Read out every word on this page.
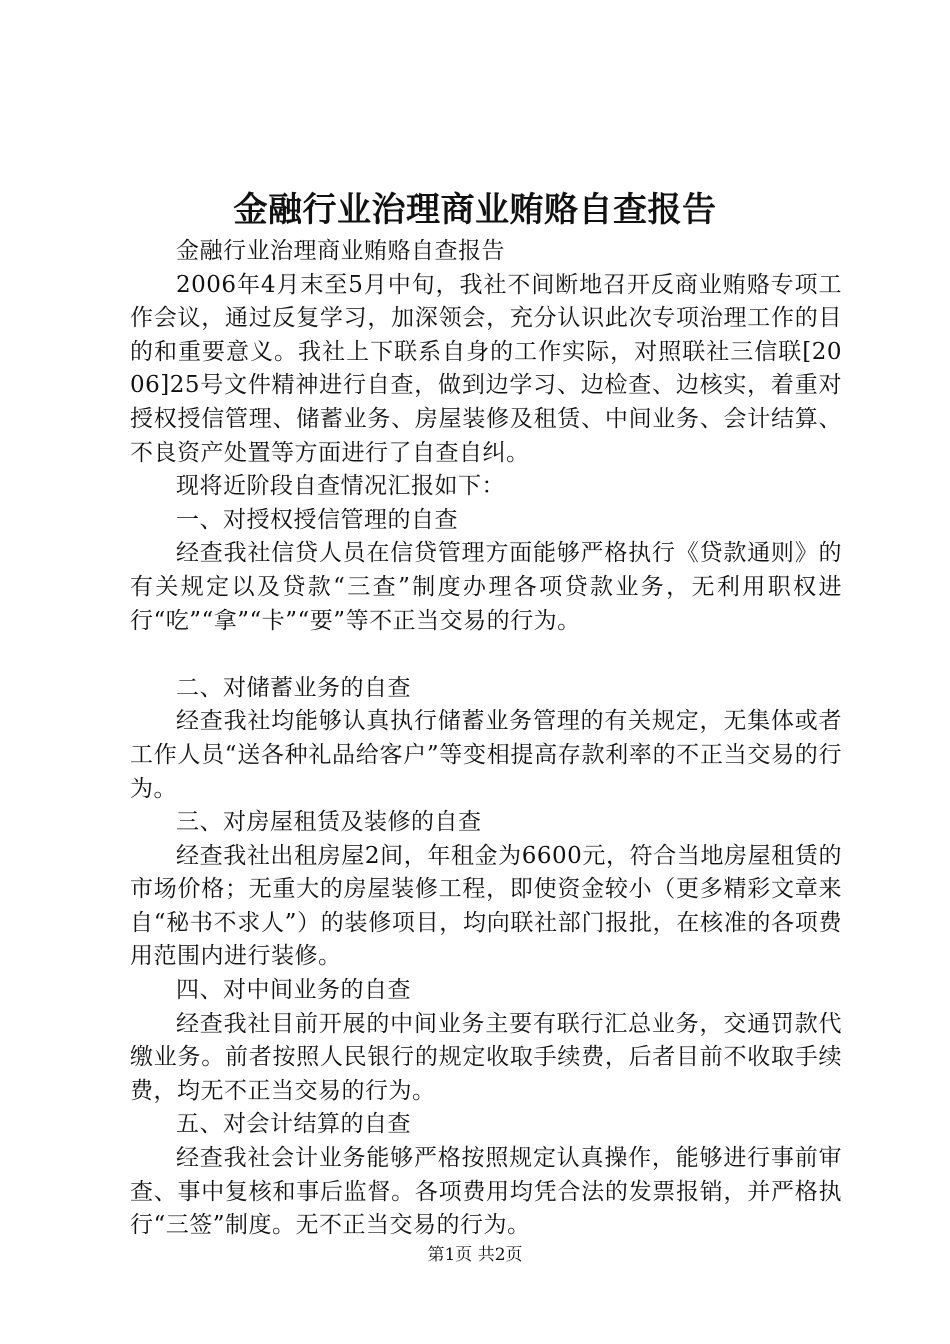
金融行业治理商业贿赂自查报告

金融行业治理商业贿赂自查报告

2006年4月末至5月中旬，我社不间断地召开反商业贿赂专项工作会议，通过反复学习，加深领会，充分认识此次专项治理工作的目的和重要意义。我社上下联系自身的工作实际，对照联社三信联[2006]25号文件精神进行自查，做到边学习、边检查、边核实，着重对授权授信管理、储蓄业务、房屋装修及租赁、中间业务、会计结算、不良资产处置等方面进行了自查自纠。

现将近阶段自查情况汇报如下：

一、对授权授信管理的自查

经查我社信贷人员在信贷管理方面能够严格执行《贷款通则》的有关规定以及贷款“三查”制度办理各项贷款业务，无利用职权进行“吃”“拿”“卡”“要”等不正当交易的行为。

二、对储蓄业务的自查

经查我社均能够认真执行储蓄业务管理的有关规定，无集体或者工作人员“送各种礼品给客户”等变相提高存款利率的不正当交易的行为。

三、对房屋租赁及装修的自查

经查我社出租房屋2间，年租金为6600元，符合当地房屋租赁的市场价格；无重大的房屋装修工程，即使资金较小（更多精彩文章来自“秘书不求人”）的装修项目，均向联社部门报批，在核准的各项费用范围内进行装修。

四、对中间业务的自查

经查我社目前开展的中间业务主要有联行汇总业务，交通罚款代缴业务。前者按照人民银行的规定收取手续费，后者目前不收取手续费，均无不正当交易的行为。

五、对会计结算的自查

经查我社会计业务能够严格按照规定认真操作，能够进行事前审查、事中复核和事后监督。各项费用均凭合法的发票报销，并严格执行“三签”制度。无不正当交易的行为。

第1页 共2页
